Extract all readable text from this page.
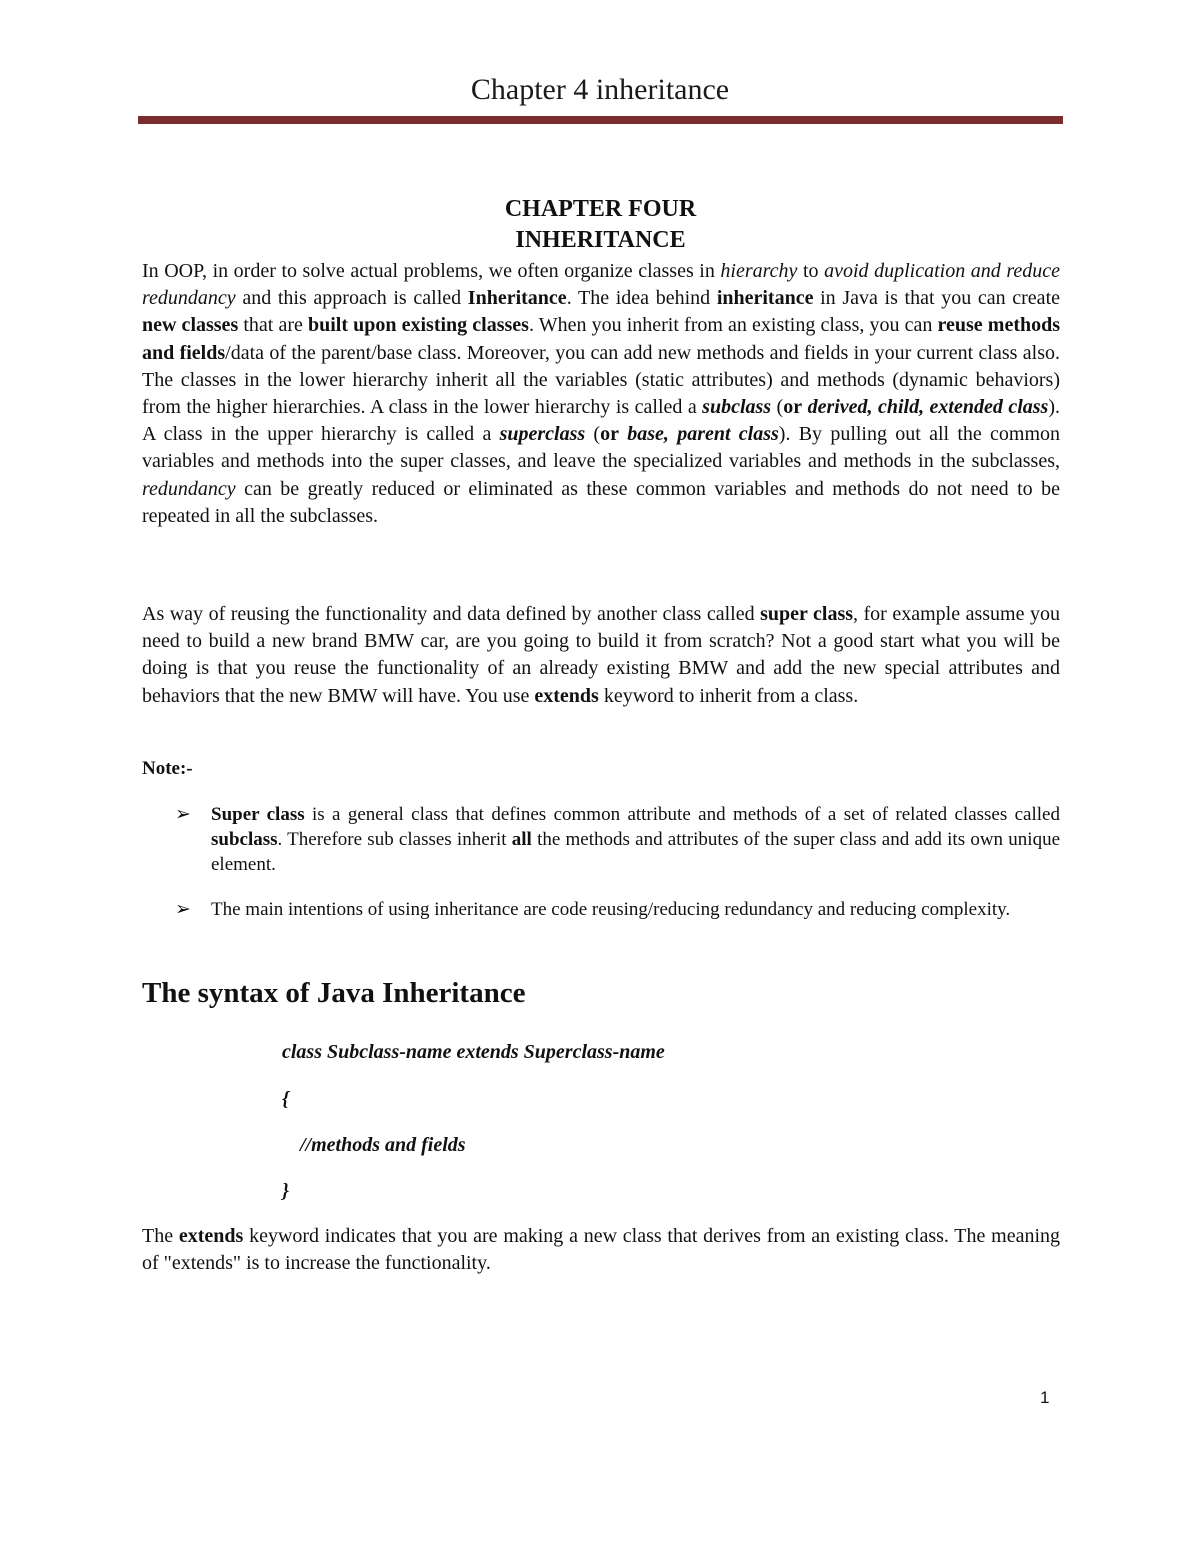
Chapter 4 inheritance
CHAPTER FOUR
INHERITANCE

In OOP, in order to solve actual problems, we often organize classes in hierarchy to avoid duplication and reduce redundancy and this approach is called Inheritance. The idea behind inheritance in Java is that you can create new classes that are built upon existing classes. When you inherit from an existing class, you can reuse methods and fields/data of the parent/base class. Moreover, you can add new methods and fields in your current class also. The classes in the lower hierarchy inherit all the variables (static attributes) and methods (dynamic behaviors) from the higher hierarchies. A class in the lower hierarchy is called a subclass (or derived, child, extended class). A class in the upper hierarchy is called a superclass (or base, parent class). By pulling out all the common variables and methods into the super classes, and leave the specialized variables and methods in the subclasses, redundancy can be greatly reduced or eliminated as these common variables and methods do not need to be repeated in all the subclasses.

As way of reusing the functionality and data defined by another class called super class, for example assume you need to build a new brand BMW car, are you going to build it from scratch? Not a good start what you will be doing is that you reuse the functionality of an already existing BMW and add the new special attributes and behaviors that the new BMW will have. You use extends keyword to inherit from a class.

Note:-
➢ Super class is a general class that defines common attribute and methods of a set of related classes called subclass. Therefore sub classes inherit all the methods and attributes of the super class and add its own unique element.
➢ The main intentions of using inheritance are code reusing/reducing redundancy and reducing complexity.
The syntax of Java Inheritance
class Subclass-name extends Superclass-name
{
//methods and fields
}

The extends keyword indicates that you are making a new class that derives from an existing class. The meaning of "extends" is to increase the functionality.

1
